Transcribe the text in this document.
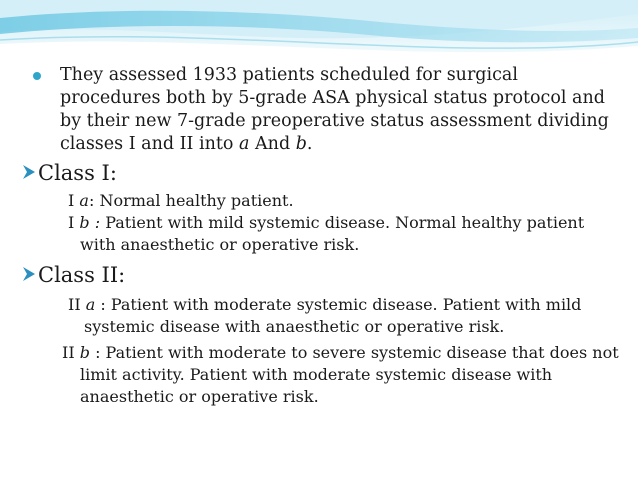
They assessed 1933 patients scheduled for surgical procedures both by 5-grade ASA physical status protocol and by their new 7-grade preoperative status assessment dividing classes I and II into a And b.
Class I:
I a: Normal healthy patient.
I b : Patient with mild systemic disease. Normal healthy patient with anaesthetic or operative risk.
Class II:
II a : Patient with moderate systemic disease. Patient with mild systemic disease with anaesthetic or operative risk.
II b : Patient with moderate to severe systemic disease that does not limit activity. Patient with moderate systemic disease with anaesthetic or operative risk.
